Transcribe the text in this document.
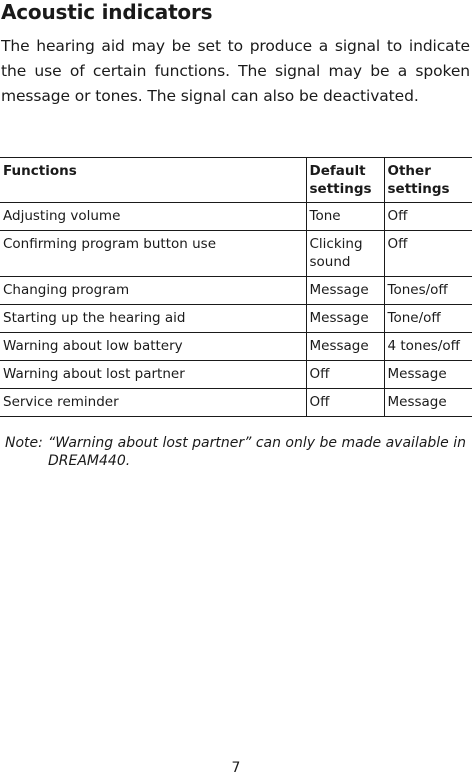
Acoustic indicators

The hearing aid may be set to produce a signal to indicate the use of certain functions. The signal may be a spoken message or tones. The signal can also be deactivated.

Functions	Default settings	Other settings
Adjusting volume	Tone	Off
Confirming program button use	Clicking sound	Off
Changing program	Message	Tones/off
Starting up the hearing aid	Message	Tone/off
Warning about low battery	Message	4 tones/off
Warning about lost partner	Off	Message
Service reminder	Off	Message
Note: “Warning about lost partner” can only be made available in DREAM440.
7
